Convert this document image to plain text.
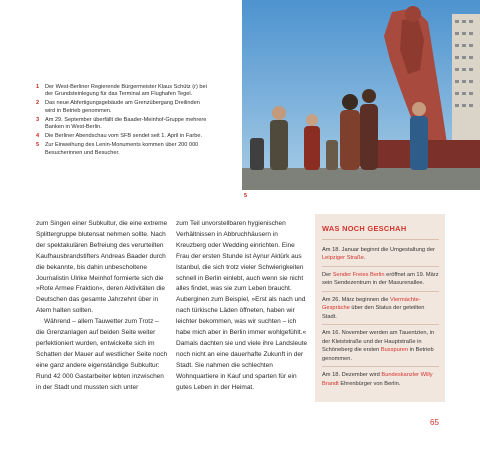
1	Der West-Berliner Regierende Bürgermeister Klaus Schütz (r) bei der Grundsteinlegung für das Terminal am Flughafen Tegel.
2	Das neue Abfertigungsgebäude am Grenzübergang Dreilinden wird in Betrieb genommen.
3	Am 29. September überfällt die Baader-Meinhof-Gruppe mehrere Banken in West-Berlin.
4	Die Berliner Abendschau vom SFB sendet seit 1. April in Farbe.
5	Zur Einweihung des Lenin-Monuments kommen über 200 000 Besucherinnen und Besucher.
5

zum Singen einer Subkultur, die eine extreme Splittergruppe blutensat nehmen sollte. Nach der spektakulären Befreiung des verurteilten Kaufhausbrandstifters Andreas Baader durch die bekannte, bis dahin unbescholtene Journalistin Ulrike Meinhof formierte sich die »Rote Armee Fraktion«, deren Aktivitäten die Deutschen das gesamte Jahrzehnt über in Atem halten sollten.

Während – allem Tauwetter zum Trotz – die Grenzanlagen auf beiden Seite weiter perfektioniert wurden, entwickelte sich im Schatten der Mauer auf westlicher Seite noch eine ganz andere eigenständige Subkultur: Rund 42 000 Gastarbeiter lebten inzwischen in der Stadt und mussten sich unter

zum Teil unvorstellbaren hygienischen Verhältnissen in Abbruchhäusern in Kreuzberg oder Wedding einrichten. Eine Frau der ersten Stunde ist Aynur Aktürk aus Istanbul, die sich trotz vieler Schwierigkeiten schnell in Berlin einlebt, auch wenn sie nicht alles findet, was sie zum Leben braucht. Auberginen zum Beispiel, »Erst als nach und nach türkische Läden öffneten, haben wir leichter bekommen, was wir suchten – ich habe mich aber in Berlin immer wohlgefühlt.« Damals dachten sie und viele ihre Landsleute noch nicht an eine dauerhafte Zukunft in der Stadt. Sie nahmen die schlechten Wohnquartiere in Kauf und sparten für ein gutes Leben in der Heimat.

WAS NOCH GESCHAH
Am 18. Januar beginnt die Umgestaltung der Leipziger Straße.
Der Sender Freies Berlin eröffnet am 19. März sein Sendezentrum in der Masurenallee.
Am 26. März beginnen die Viermächte-Gespräche über den Status der geteilten Stadt.
Am 16. November werden am Tauentzien, in der Kleiststraße und der Hauptstraße in Schöneberg die ersten Busspuren in Betrieb genommen.
Am 18. Dezember wird Bundeskanzler Willy Brandt Ehrenbürger von Berlin.
65
